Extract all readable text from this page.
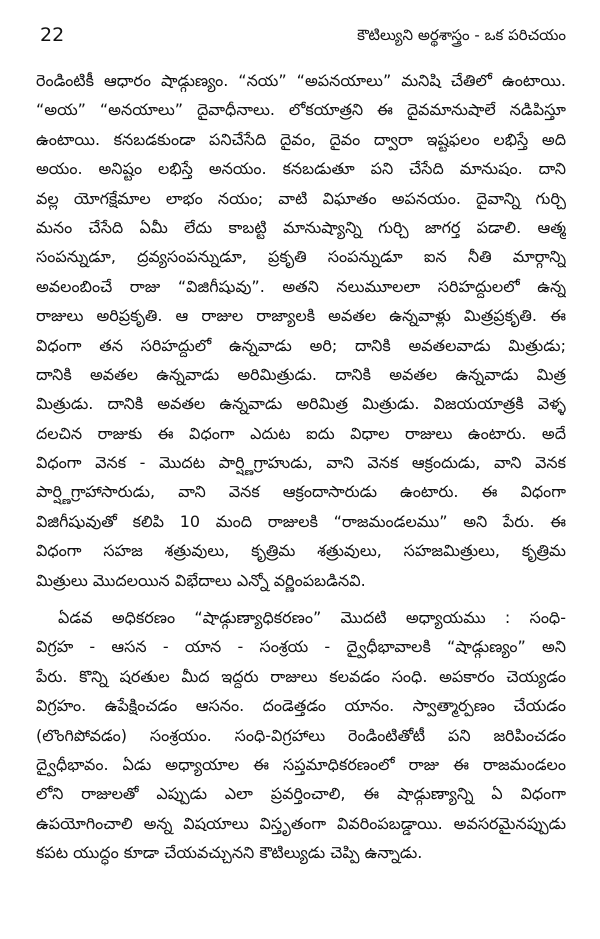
22	కౌటిల్యుని అర్థశాస్త్రం - ఒక పరిచయం
రెండింటికీ ఆధారం షాడ్గుణ్యం. “నయ” “అపనయాలు” మనిషి చేతిలో ఉంటాయి.
“అయ” “అనయాలు” దైవాధీనాలు. లోకయాత్రని ఈ దైవమానుషాలే నడిపిస్తూ
ఉంటాయి. కనబడకుండా పనిచేసేది దైవం, దైవం ద్వారా ఇష్టఫలం లభిస్తే అది
అయం. అనిష్టం లభిస్తే అనయం. కనబడుతూ పని చేసేది మానుషం. దాని
వల్ల యోగక్షేమాల లాభం నయం; వాటి విఘాతం అపనయం. దైవాన్ని గుర్చి
మనం చేసేది ఏమీ లేదు కాబట్టి మానుష్యాన్ని గుర్చి జాగర్త పడాలి. ఆత్మ
సంపన్నుడూ, ద్రవ్యసంపన్నుడూ, ప్రకృతి సంపన్నుడూ ఐన నీతి మార్గాన్ని
అవలంబించే రాజు “విజిగీషువు”. అతని నలుమూలలా సరిహద్దులలో ఉన్న
రాజులు అరిప్రకృతి. ఆ రాజుల రాజ్యాలకి అవతల ఉన్నవాళ్లు మిత్రప్రకృతి. ఈ
విధంగా తన సరిహద్దులో ఉన్నవాడు అరి; దానికి అవతలవాడు మిత్రుడు;
దానికి అవతల ఉన్నవాడు అరిమిత్రుడు. దానికి అవతల ఉన్నవాడు మిత్ర
మిత్రుడు. దానికి అవతల ఉన్నవాడు అరిమిత్ర మిత్రుడు. విజయయాత్రకి వెళ్ళ
దలచిన రాజుకు ఈ విధంగా ఎదుట ఐదు విధాల రాజులు ఉంటారు. అదే
విధంగా వెనక - మొదట పార్ష్ణిగ్రాహుడు, వాని వెనక ఆక్రందుడు, వాని వెనక
పార్ష్ణిగ్రాహాసారుడు, వాని వెనక ఆక్రందాసారుడు ఉంటారు. ఈ విధంగా
విజిగీషువుతో కలిపి 10 మంది రాజులకి “రాజమండలము” అని పేరు. ఈ
విధంగా సహజ శత్రువులు, కృత్రిమ శత్రువులు, సహజమిత్రులు, కృత్రిమ
మిత్రులు మొదలయిన విభేదాలు ఎన్నో వర్ణింపబడినవి.
ఏడవ అధికరణం “షాడ్గుణ్యాధికరణం” మొదటి అధ్యాయము : సంధి-
విగ్రహ - ఆసన - యాన - సంశ్రయ - ద్వైధీభావాలకి “షాడ్గుణ్యం” అని
పేరు. కొన్ని షరతుల మీద ఇద్దరు రాజులు కలవడం సంధి. అపకారం చెయ్యడం
విగ్రహం. ఉపేక్షించడం ఆసనం. దండెత్తడం యానం. స్వాత్మార్పణం చేయడం
(లొంగిపోవడం) సంశ్రయం. సంధి-విగ్రహాలు రెండింటితోటీ పని జరిపించడం
ద్వైధీభావం. ఏడు అధ్యాయాల ఈ సప్తమాధికరణంలో రాజు ఈ రాజమండలం
లోని రాజులతో ఎప్పుడు ఎలా ప్రవర్తించాలి, ఈ షాడ్గుణ్యాన్ని ఏ విధంగా
ఉపయోగించాలి అన్న విషయాలు విస్తృతంగా వివరింపబడ్డాయి. అవసరమైనప్పుడు
కపట యుద్ధం కూడా చేయవచ్చునని కౌటిల్యుడు చెప్పి ఉన్నాడు.
